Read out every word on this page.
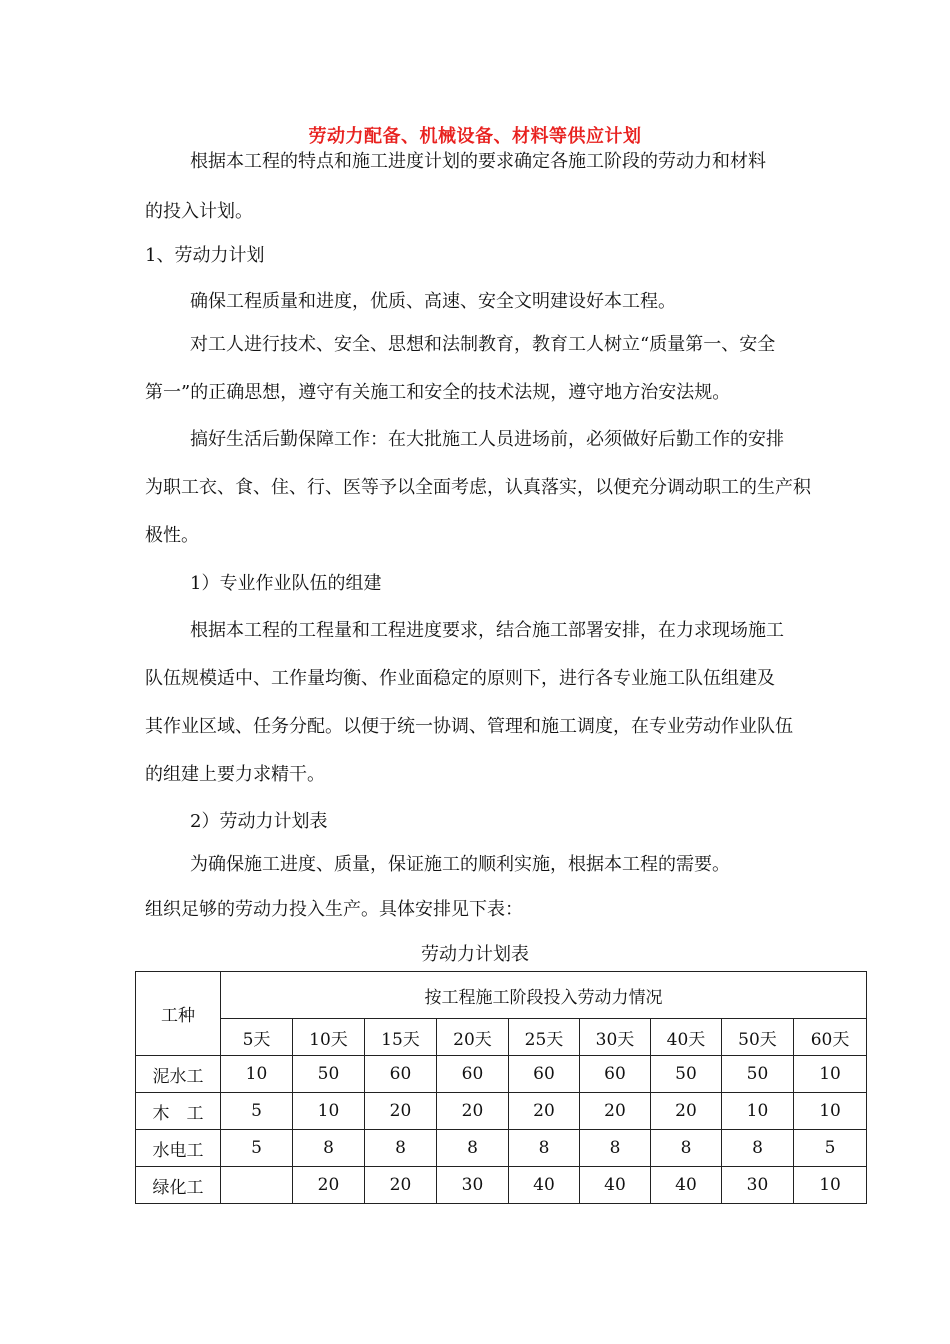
劳动力配备、机械设备、材料等供应计划
根据本工程的特点和施工进度计划的要求确定各施工阶段的劳动力和材料
的投入计划。
1、劳动力计划
确保工程质量和进度，优质、高速、安全文明建设好本工程。
对工人进行技术、安全、思想和法制教育，教育工人树立“质量第一、安全
第一”的正确思想，遵守有关施工和安全的技术法规，遵守地方治安法规。
搞好生活后勤保障工作：在大批施工人员进场前，必须做好后勤工作的安排
为职工衣、食、住、行、医等予以全面考虑，认真落实，以便充分调动职工的生产积
极性。
1）专业作业队伍的组建
根据本工程的工程量和工程进度要求，结合施工部署安排，在力求现场施工
队伍规模适中、工作量均衡、作业面稳定的原则下，进行各专业施工队伍组建及
其作业区域、任务分配。以便于统一协调、管理和施工调度，在专业劳动作业队伍
的组建上要力求精干。
2）劳动力计划表
为确保施工进度、质量，保证施工的顺利实施，根据本工程的需要。
组织足够的劳动力投入生产。具体安排见下表：
劳动力计划表
工种	按工程施工阶段投入劳动力情况								
	5天	10天	15天	20天	25天	30天	40天	50天	60天
泥水工	10	50	60	60	60	60	50	50	10
木　工	5	10	20	20	20	20	20	10	10
水电工	5	8	8	8	8	8	8	8	5
绿化工		20	20	30	40	40	40	30	10
